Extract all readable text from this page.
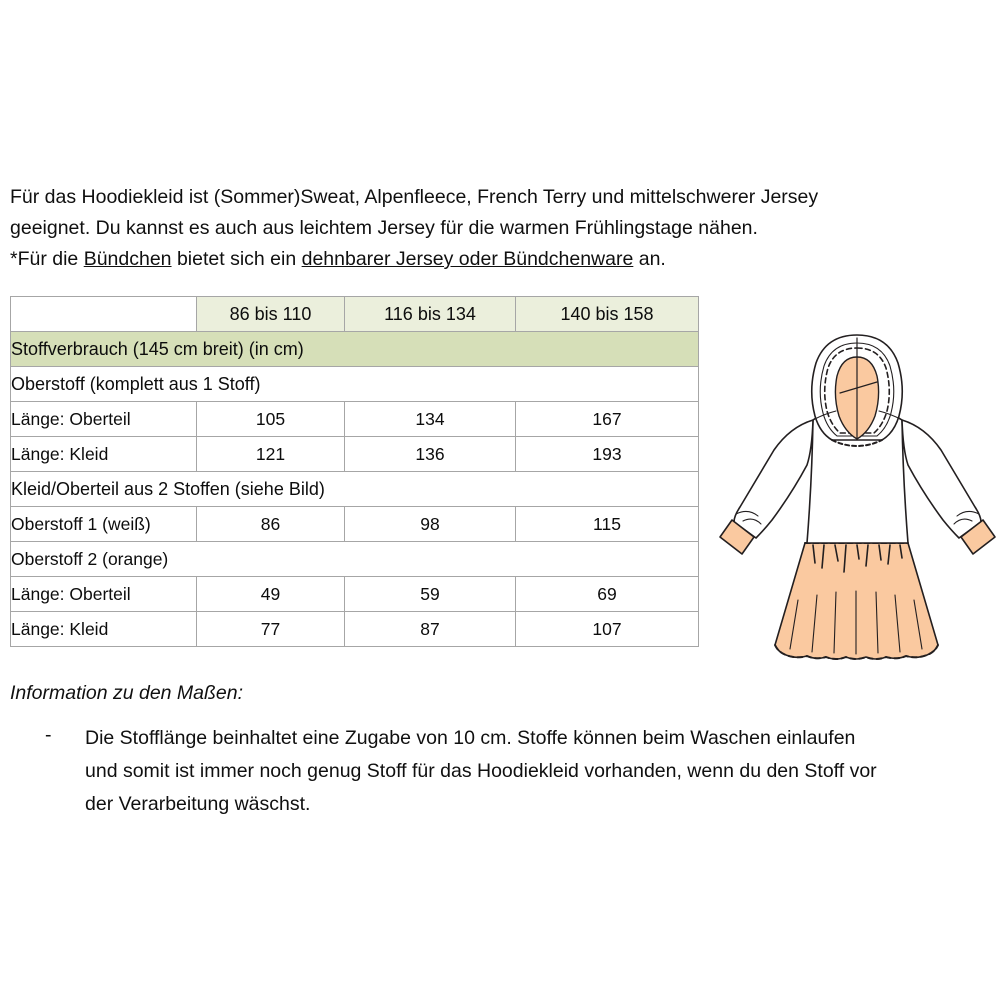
Für das Hoodiekleid ist (Sommer)Sweat, Alpenfleece, French Terry und mittelschwerer Jersey
geeignet. Du kannst es auch aus leichtem Jersey für die warmen Frühlingstage nähen.
*Für die Bündchen bietet sich ein dehnbarer Jersey oder Bündchenware an.
	86 bis 110	116 bis 134	140 bis 158
Stoffverbrauch (145 cm breit) (in cm)			
Oberstoff (komplett aus 1 Stoff)			
Länge: Oberteil	105	134	167
Länge: Kleid	121	136	193
Kleid/Oberteil aus 2 Stoffen (siehe Bild)			
Oberstoff 1 (weiß)	86	98	115
Oberstoff 2 (orange)			
Länge: Oberteil	49	59	69
Länge: Kleid	77	87	107
Information zu den Maßen:
- Die Stofflänge beinhaltet eine Zugabe von 10 cm. Stoffe können beim Waschen einlaufen
und somit ist immer noch genug Stoff für das Hoodiekleid vorhanden, wenn du den Stoff vor
der Verarbeitung wäschst.
